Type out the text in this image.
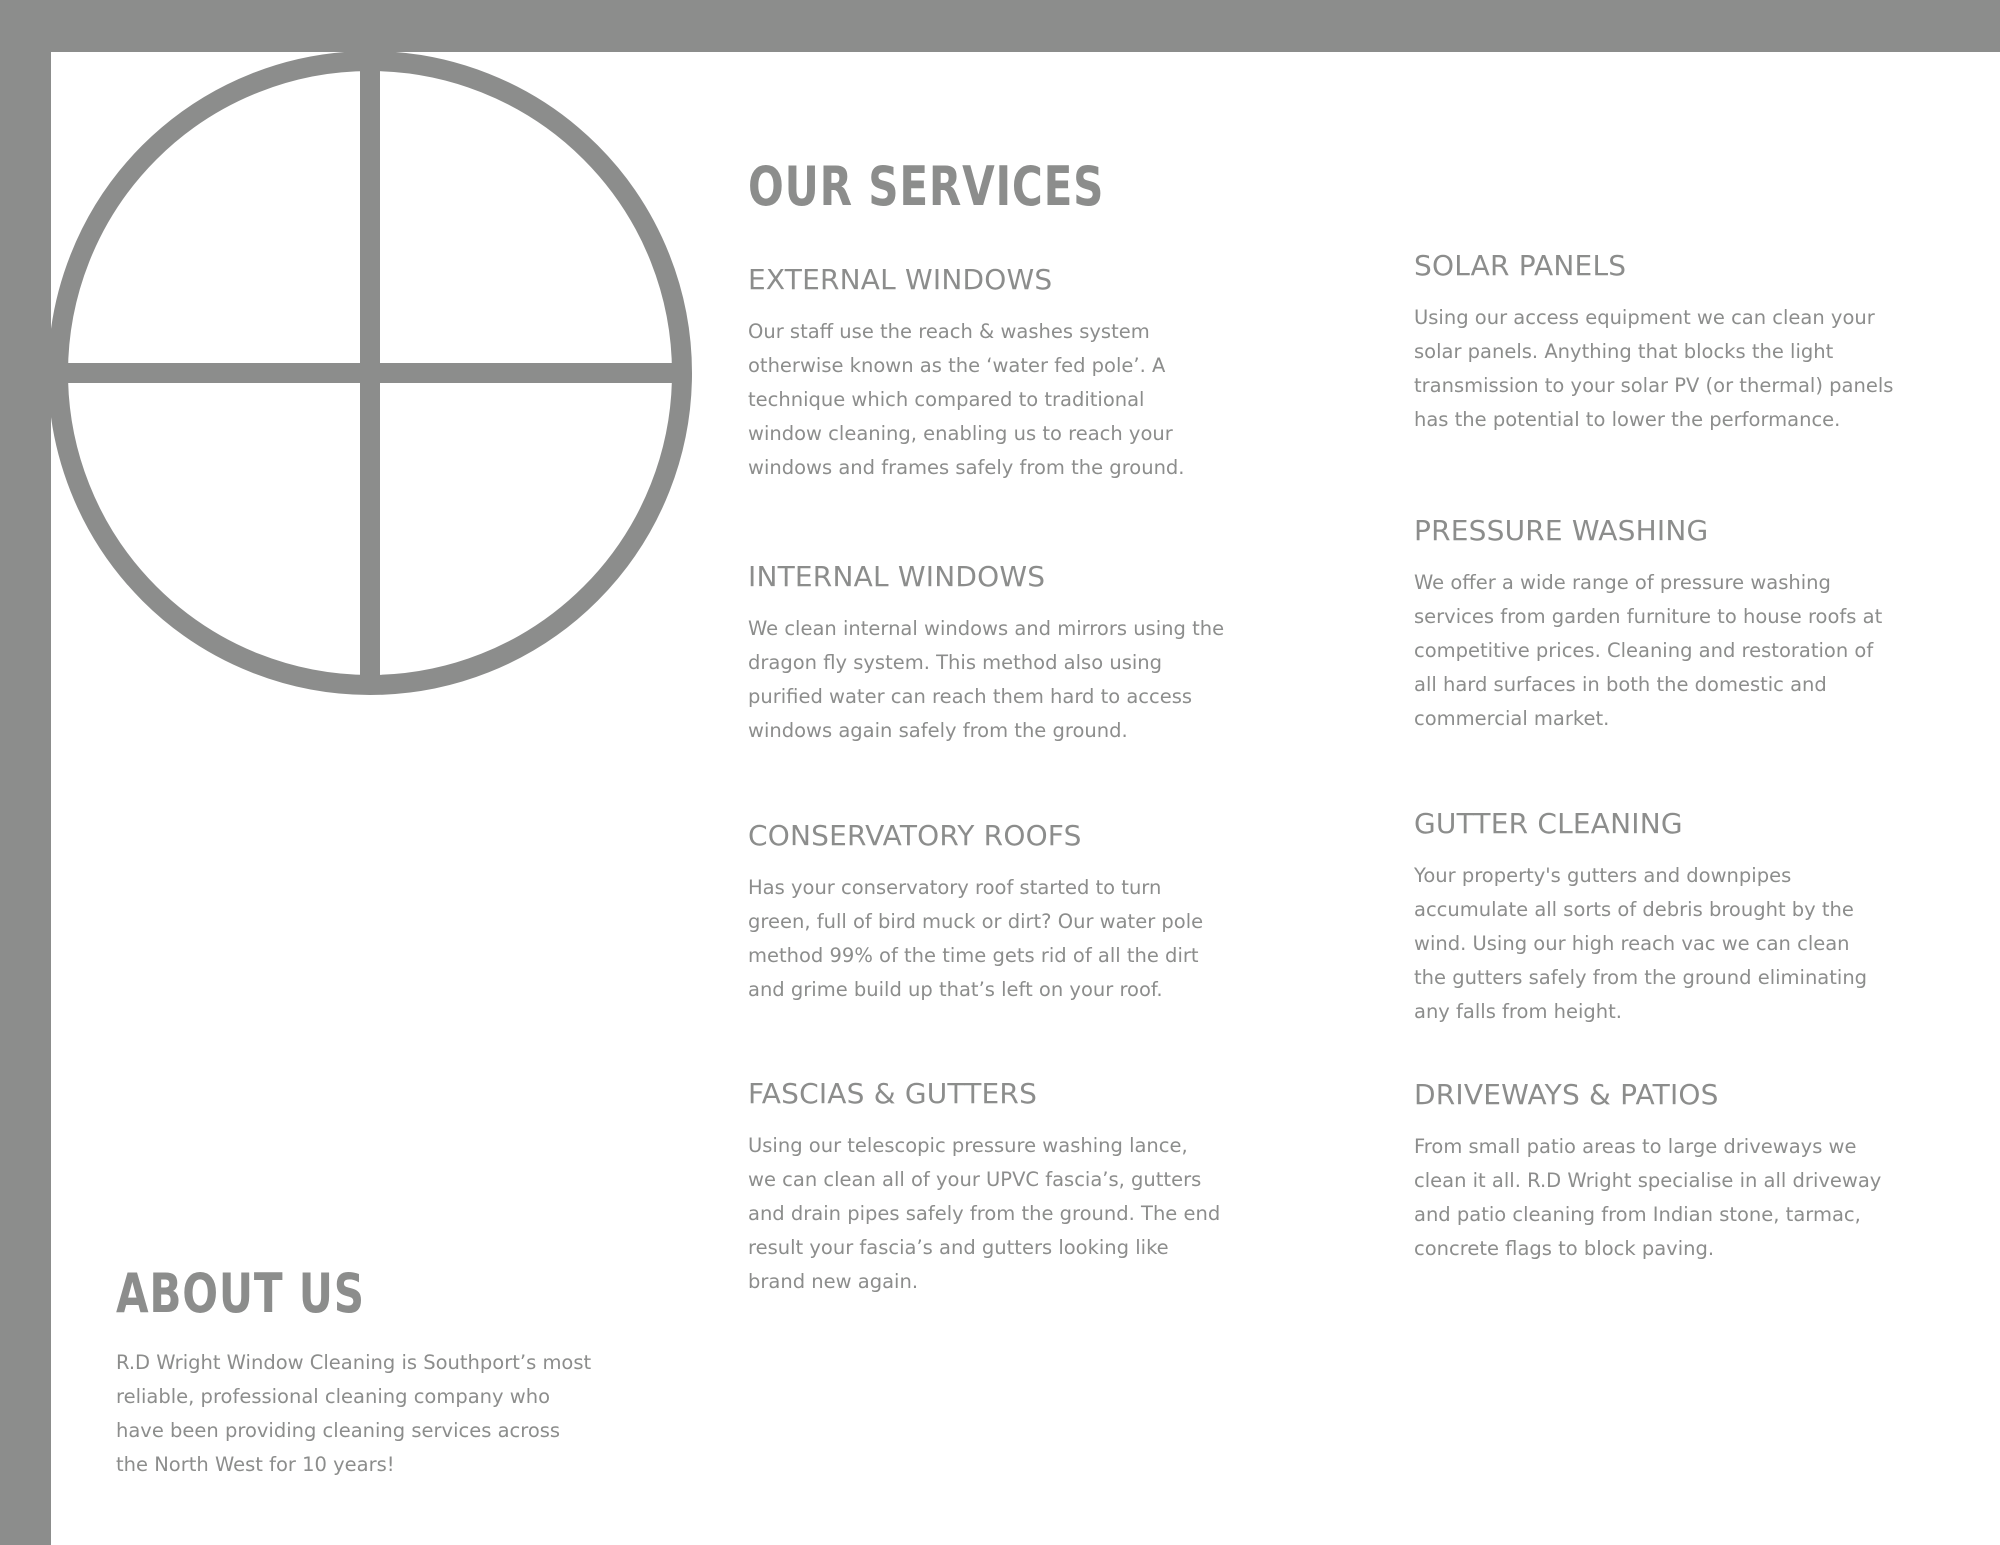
OUR SERVICES
EXTERNAL WINDOWS

Our staff use the reach & washes system
otherwise known as the ‘water fed pole’. A
technique which compared to traditional
window cleaning, enabling us to reach your
windows and frames safely from the ground.

INTERNAL WINDOWS

We clean internal windows and mirrors using the
dragon fly system. This method also using
purified water can reach them hard to access
windows again safely from the ground.

CONSERVATORY ROOFS

Has your conservatory roof started to turn
green, full of bird muck or dirt? Our water pole
method 99% of the time gets rid of all the dirt
and grime build up that’s left on your roof.

FASCIAS & GUTTERS

Using our telescopic pressure washing lance,
we can clean all of your UPVC fascia’s, gutters
and drain pipes safely from the ground. The end
result your fascia’s and gutters looking like
brand new again.

SOLAR PANELS

Using our access equipment we can clean your
solar panels. Anything that blocks the light
transmission to your solar PV (or thermal) panels
has the potential to lower the performance.

PRESSURE WASHING

We offer a wide range of pressure washing
services from garden furniture to house roofs at
competitive prices. Cleaning and restoration of
all hard surfaces in both the domestic and
commercial market.

GUTTER CLEANING

Your property's gutters and downpipes
accumulate all sorts of debris brought by the
wind. Using our high reach vac we can clean
the gutters safely from the ground eliminating
any falls from height.

DRIVEWAYS & PATIOS

From small patio areas to large driveways we
clean it all. R.D Wright specialise in all driveway
and patio cleaning from Indian stone, tarmac,
concrete flags to block paving.

ABOUT US

R.D Wright Window Cleaning is Southport’s most
reliable, professional cleaning company who
have been providing cleaning services across
the North West for 10 years!
